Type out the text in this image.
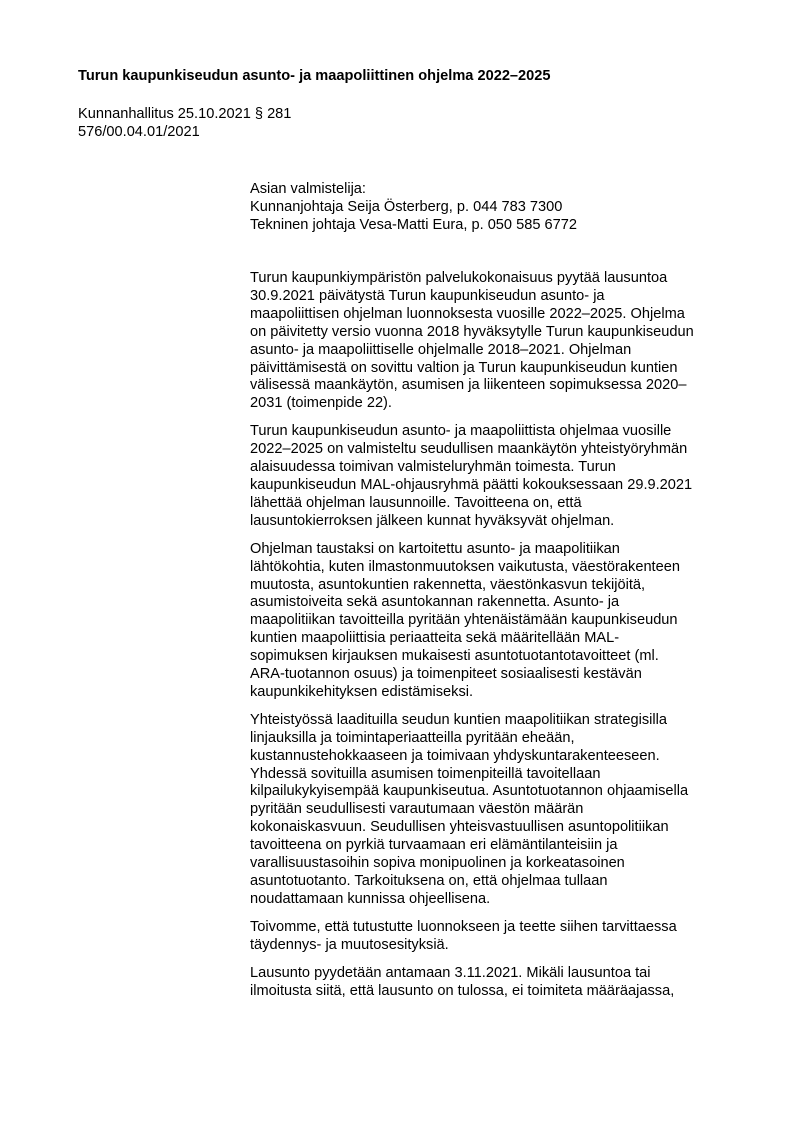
Turun kaupunkiseudun asunto- ja maapoliittinen ohjelma 2022–2025
Kunnanhallitus 25.10.2021 § 281
576/00.04.01/2021
Asian valmistelija:
Kunnanjohtaja Seija Österberg, p. 044 783 7300
Tekninen johtaja Vesa-Matti Eura, p. 050 585 6772
Turun kaupunkiympäristön palvelukokonaisuus pyytää lausuntoa
30.9.2021 päivätystä Turun kaupunkiseudun asunto- ja
maapoliittisen ohjelman luonnoksesta vuosille 2022–2025. Ohjelma
on päivitetty versio vuonna 2018 hyväksytylle Turun kaupunkiseudun
asunto- ja maapoliittiselle ohjelmalle 2018–2021. Ohjelman
päivittämisestä on sovittu valtion ja Turun kaupunkiseudun kuntien
välisessä maankäytön, asumisen ja liikenteen sopimuksessa 2020–
2031 (toimenpide 22).
Turun kaupunkiseudun asunto- ja maapoliittista ohjelmaa vuosille
2022–2025 on valmisteltu seudullisen maankäytön yhteistyöryhmän
alaisuudessa toimivan valmisteluryhmän toimesta. Turun
kaupunkiseudun MAL-ohjausryhmä päätti kokouksessaan 29.9.2021
lähettää ohjelman lausunnoille. Tavoitteena on, että
lausuntokierroksen jälkeen kunnat hyväksyvät ohjelman.
Ohjelman taustaksi on kartoitettu asunto- ja maapolitiikan
lähtökohtia, kuten ilmastonmuutoksen vaikutusta, väestörakenteen
muutosta, asuntokuntien rakennetta, väestönkasvun tekijöitä,
asumistoiveita sekä asuntokannan rakennetta. Asunto- ja
maapolitiikan tavoitteilla pyritään yhtenäistämään kaupunkiseudun
kuntien maapoliittisia periaatteita sekä määritellään MAL-
sopimuksen kirjauksen mukaisesti asuntotuotantotavoitteet (ml.
ARA-tuotannon osuus) ja toimenpiteet sosiaalisesti kestävän
kaupunkikehityksen edistämiseksi.
Yhteistyössä laadituilla seudun kuntien maapolitiikan strategisilla
linjauksilla ja toimintaperiaatteilla pyritään eheään,
kustannustehokkaaseen ja toimivaan yhdyskuntarakenteeseen.
Yhdessä sovituilla asumisen toimenpiteillä tavoitellaan
kilpailukykyisempää kaupunkiseutua. Asuntotuotannon ohjaamisella
pyritään seudullisesti varautumaan väestön määrän
kokonaiskasvuun. Seudullisen yhteisvastuullisen asuntopolitiikan
tavoitteena on pyrkiä turvaamaan eri elämäntilanteisiin ja
varallisuustasoihin sopiva monipuolinen ja korkeatasoinen
asuntotuotanto. Tarkoituksena on, että ohjelmaa tullaan
noudattamaan kunnissa ohjeellisena.
Toivomme, että tutustutte luonnokseen ja teette siihen tarvittaessa
täydennys- ja muutosesityksiä.
Lausunto pyydetään antamaan 3.11.2021. Mikäli lausuntoa tai
ilmoitusta siitä, että lausunto on tulossa, ei toimiteta määräajassa,
